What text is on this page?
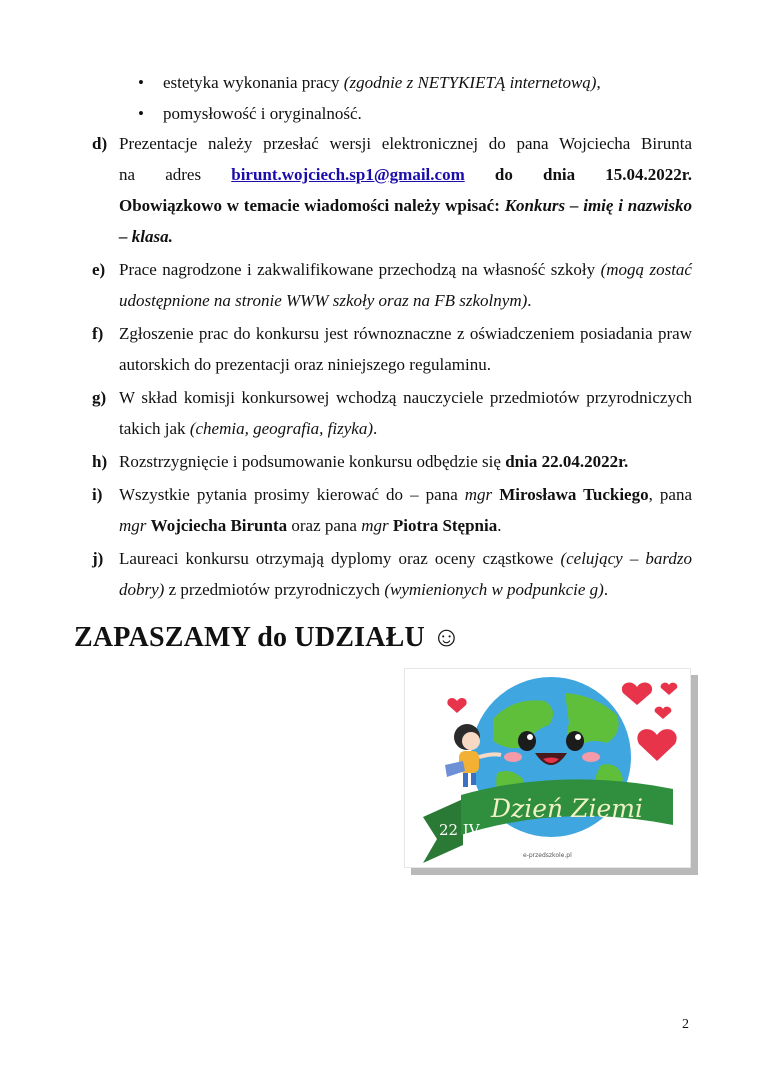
• estetyka wykonania pracy (zgodnie z NETYKIETĄ internetową),
• pomysłowość i oryginalność.
d) Prezentacje należy przesłać wersji elektronicznej do pana Wojciecha Birunta
na adres birunt.wojciech.sp1@gmail.com do dnia 15.04.2022r.
Obowiązkowo w temacie wiadomości należy wpisać: Konkurs – imię i nazwisko – klasa.
e) Prace nagrodzone i zakwalifikowane przechodzą na własność szkoły (mogą zostać udostępnione na stronie WWW szkoły oraz na FB szkolnym).
f) Zgłoszenie prac do konkursu jest równoznaczne z oświadczeniem posiadania praw autorskich do prezentacji oraz niniejszego regulaminu.
g) W skład komisji konkursowej wchodzą nauczyciele przedmiotów przyrodniczych takich jak (chemia, geografia, fizyka).
h) Rozstrzygnięcie i podsumowanie konkursu odbędzie się dnia 22.04.2022r.
i) Wszystkie pytania prosimy kierować do – pana mgr Mirosława Tuckiego, pana mgr Wojciecha Birunta oraz pana mgr Piotra Stępnia.
j) Laureaci konkursu otrzymają dyplomy oraz oceny cząstkowe (celujący – bardzo dobry) z przedmiotów przyrodniczych (wymienionych w podpunkcie g).
ZAPASZAMY do UDZIAŁU ☺
Dzień Ziemi
22 IV
e-przedszkole.pl
2
